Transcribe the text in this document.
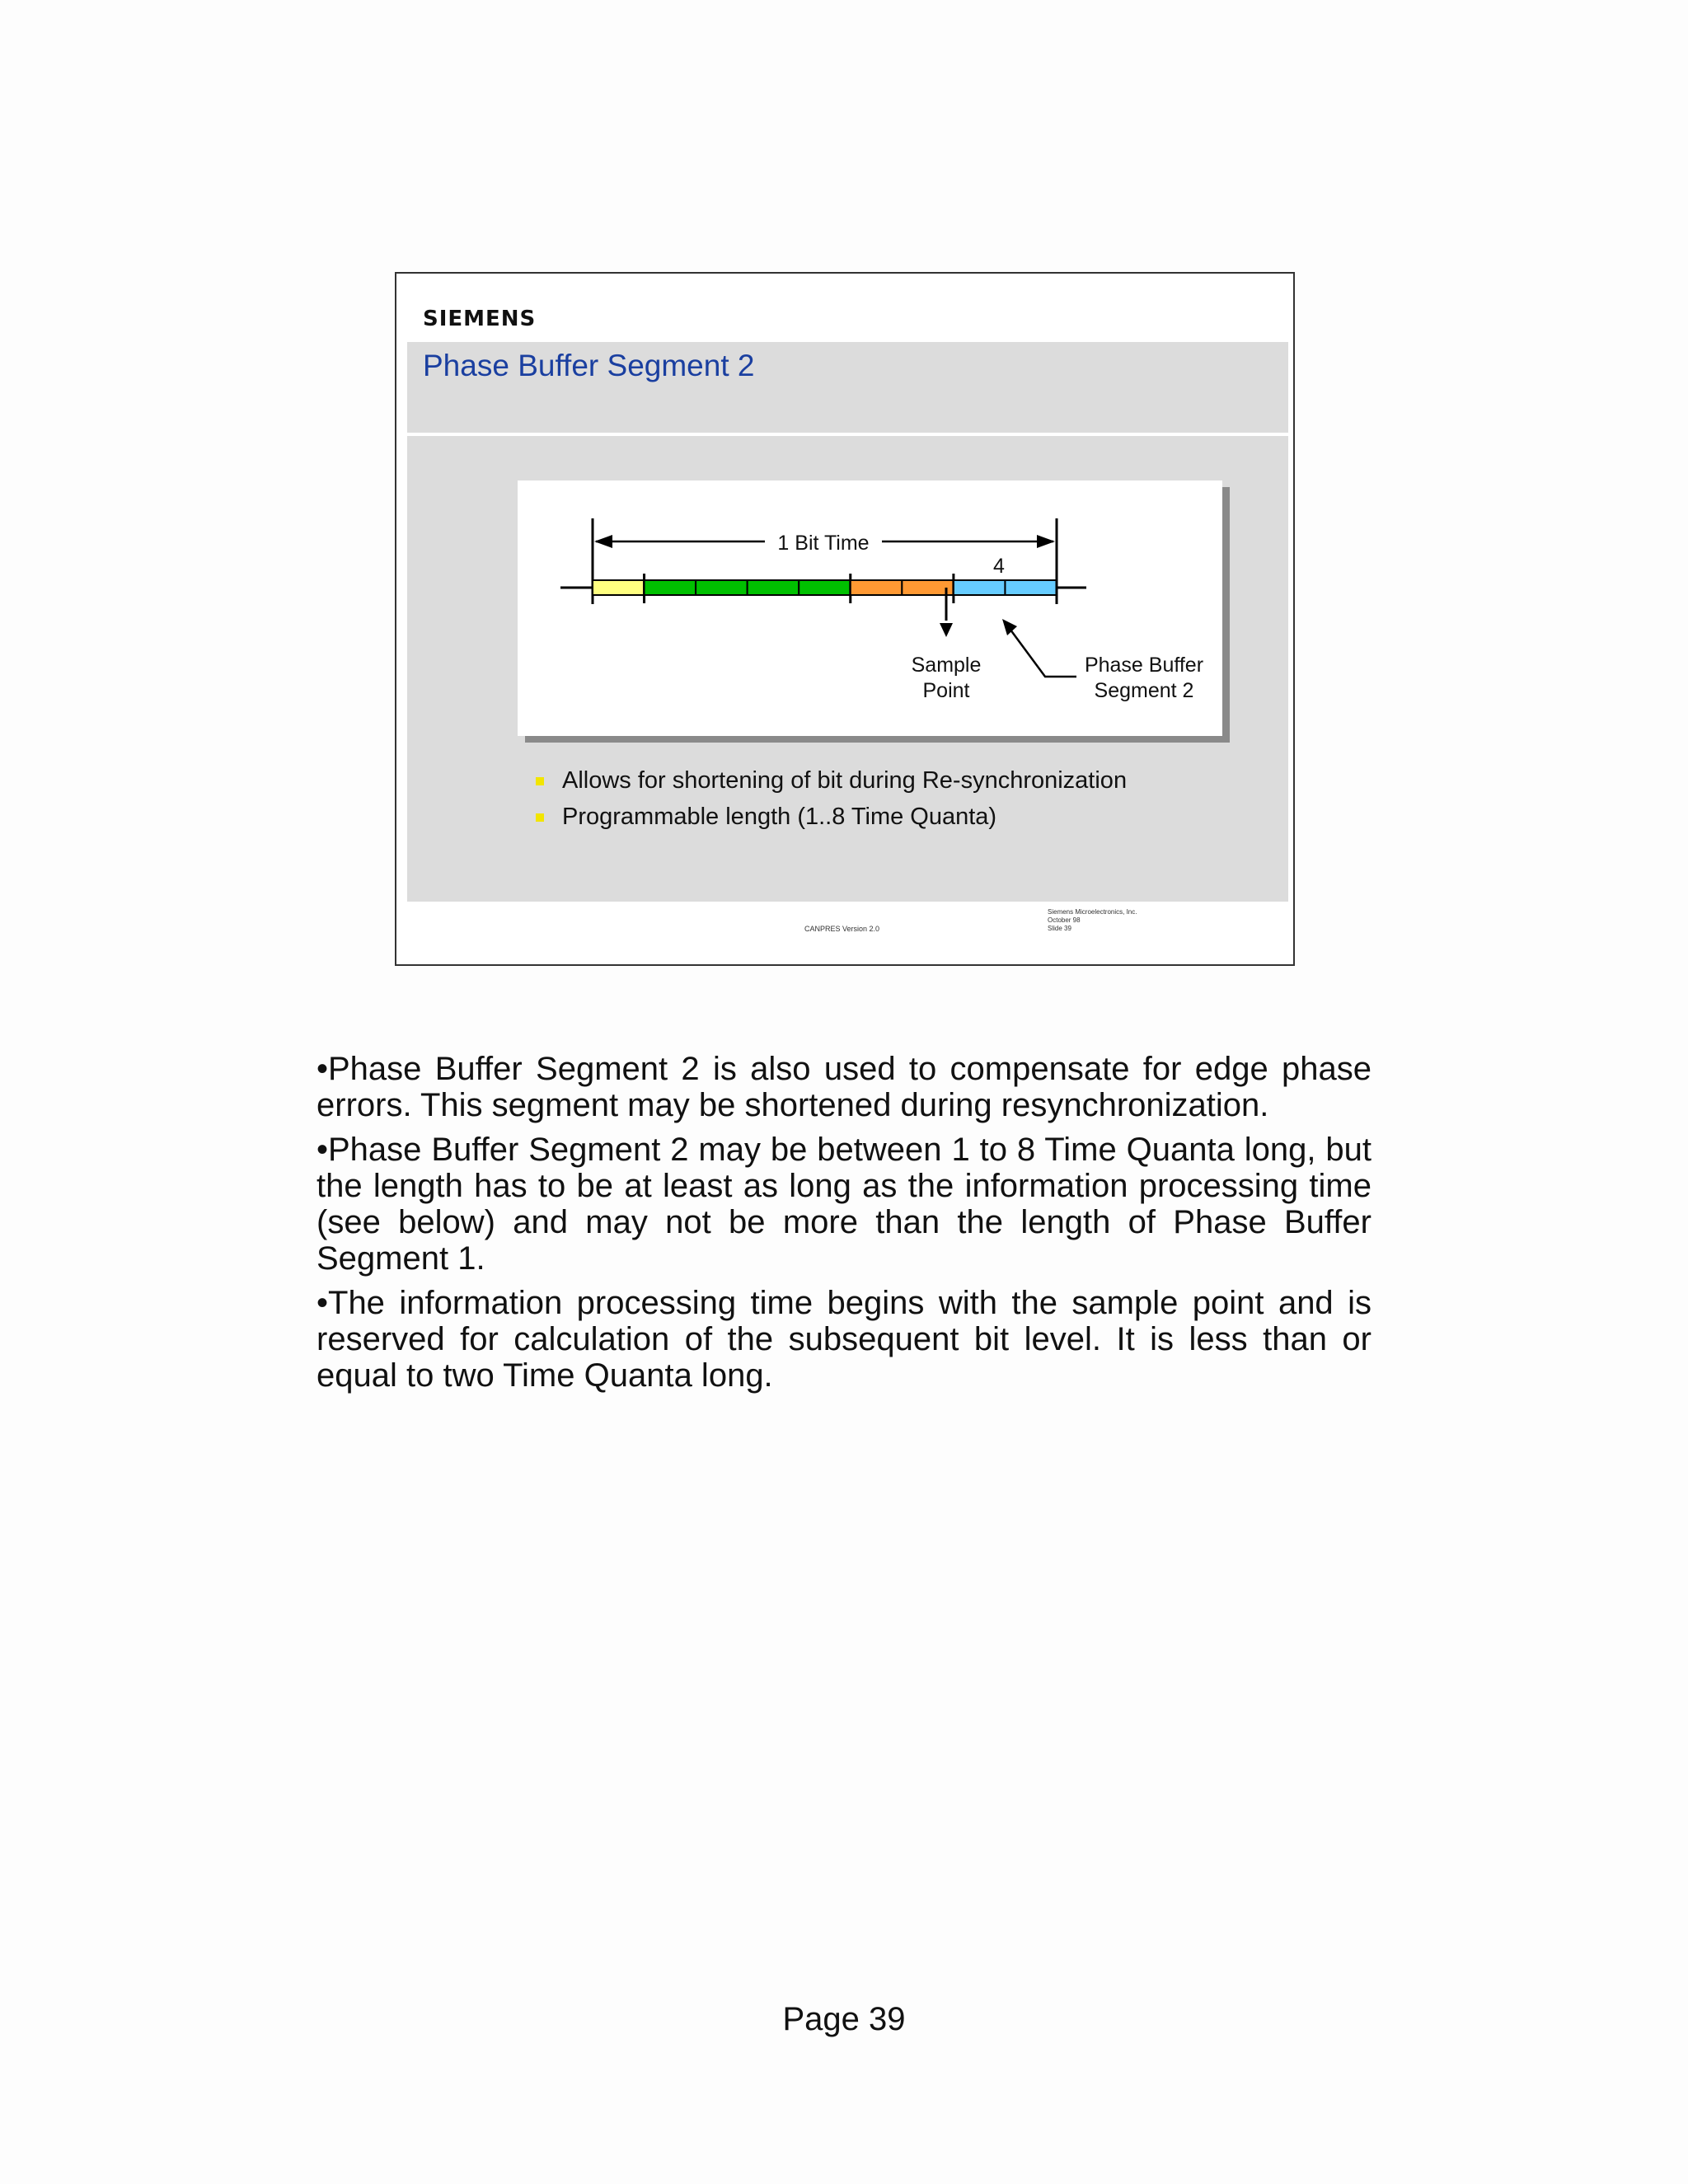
SIEMENS
Phase Buffer Segment 2
1 Bit Time
4
Sample
Point
Phase Buffer
Segment 2
Allows for shortening of bit during Re-synchronization
Programmable length (1..8 Time Quanta)
CANPRES Version 2.0
Siemens Microelectronics, Inc.
October 98
Slide 39

•Phase Buffer Segment 2 is also used to compensate for edge phase errors. This segment may be shortened during resynchronization.

•Phase Buffer Segment 2 may be between 1 to 8 Time Quanta long, but the length has to be at least as long as the information processing time (see below) and may not be more than the length of Phase Buffer Segment 1.

•The information processing time begins with the sample point and is reserved for calculation of the subsequent bit level. It is less than or equal to two Time Quanta long.

Page 39
